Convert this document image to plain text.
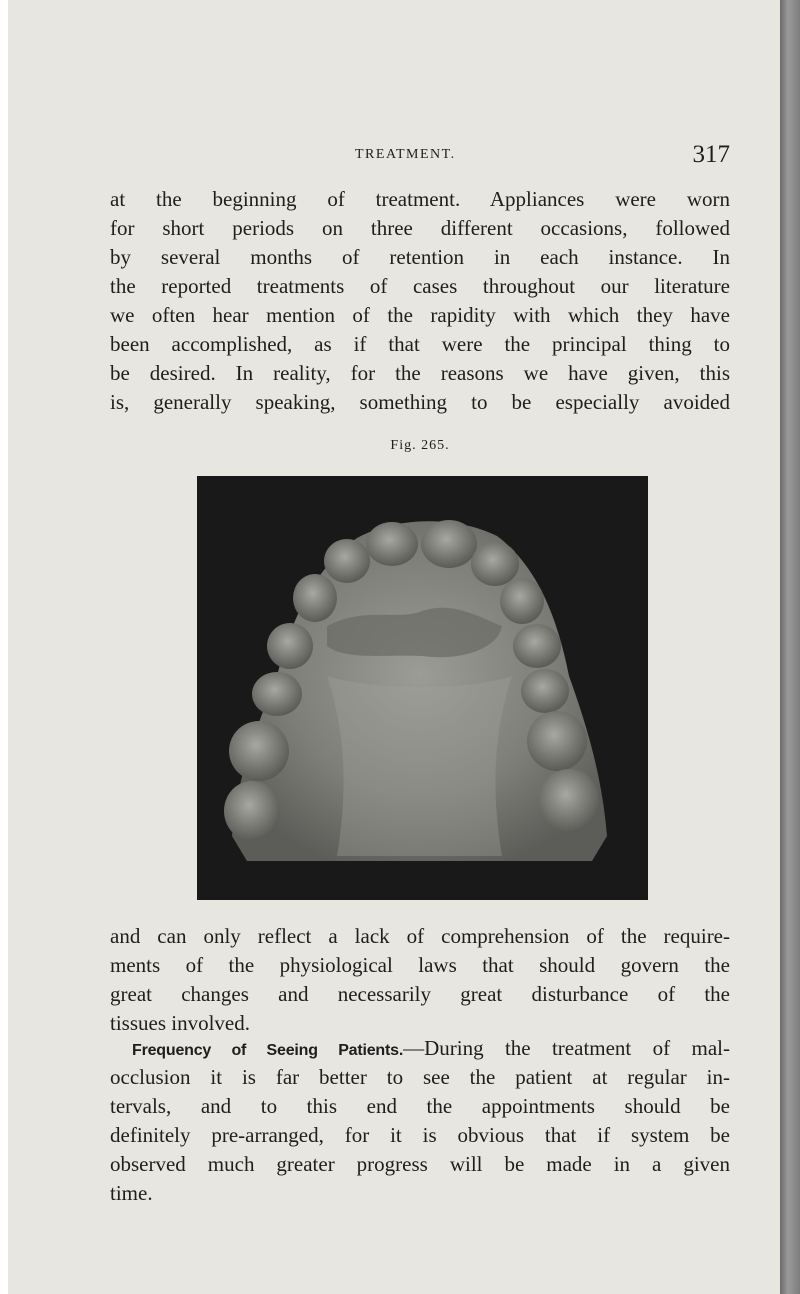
TREATMENT.	317
at the beginning of treatment. Appliances were worn
for short periods on three different occasions, followed
by several months of retention in each instance. In
the reported treatments of cases throughout our literature
we often hear mention of the rapidity with which they have
been accomplished, as if that were the principal thing to
be desired. In reality, for the reasons we have given, this
is, generally speaking, something to be especially avoided
Fig. 265.
and can only reflect a lack of comprehension of the require-
ments of the physiological laws that should govern the
great changes and necessarily great disturbance of the
tissues involved.
Frequency of Seeing Patients.—During the treatment of mal-
occlusion it is far better to see the patient at regular in-
tervals, and to this end the appointments should be
definitely pre-arranged, for it is obvious that if system be
observed much greater progress will be made in a given
time.
